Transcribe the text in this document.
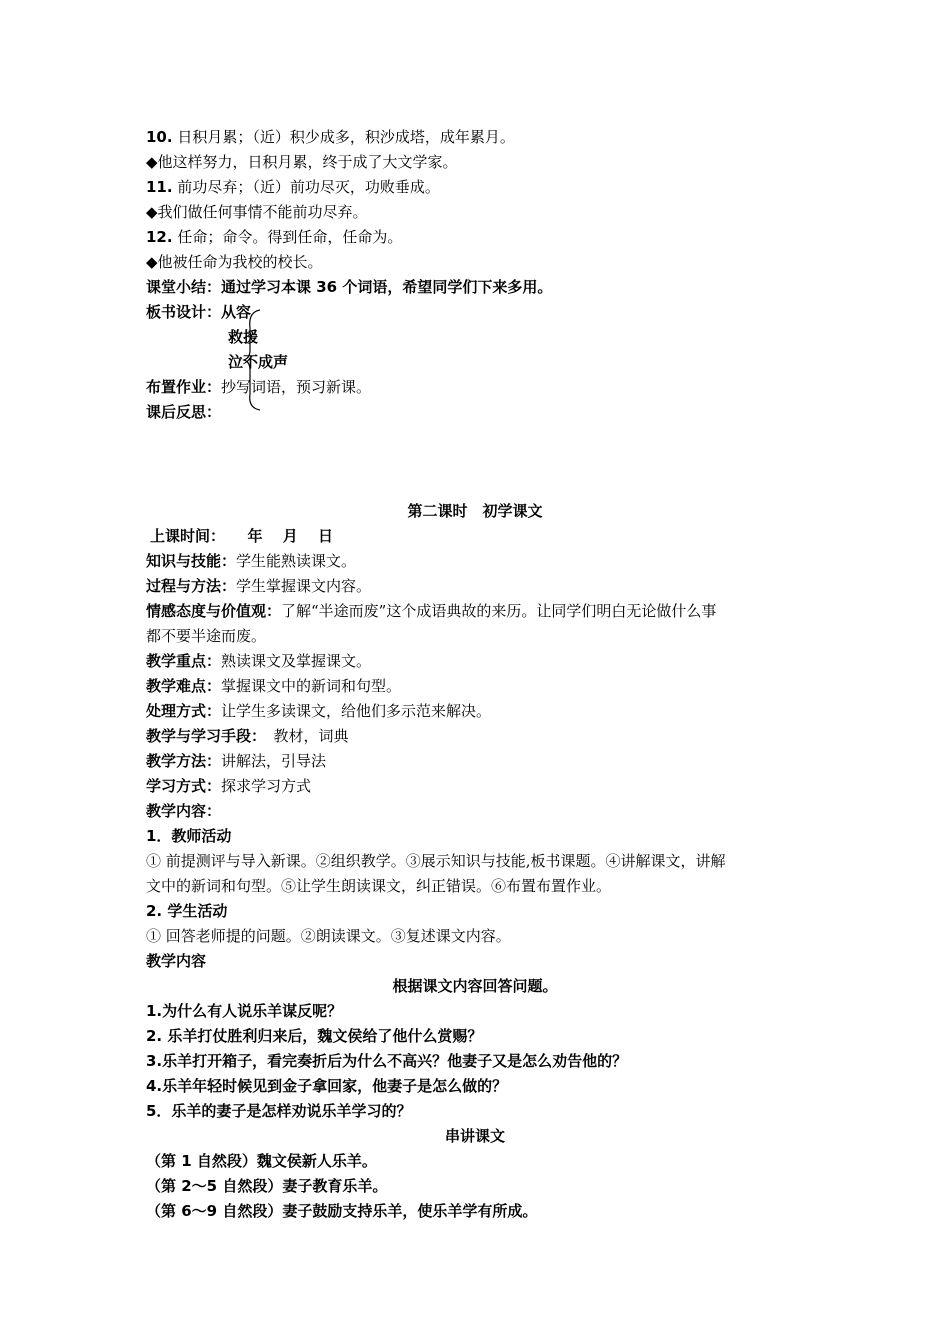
10. 日积月累；（近）积少成多，积沙成塔，成年累月。
◆他这样努力，日积月累，终于成了大文学家。
11. 前功尽弃；（近）前功尽灭，功败垂成。
◆我们做任何事情不能前功尽弃。
12. 任命；命令。得到任命，任命为。
◆他被任命为我校的校长。
课堂小结：通过学习本课 36 个词语，希望同学们下来多用。
板书设计：从容
救援
泣不成声
布置作业：抄写词语，预习新课。
课后反思：
第二课时　初学课文
上课时间：　　年　 月　 日
知识与技能：学生能熟读课文。
过程与方法：学生掌握课文内容。
情感态度与价值观：了解“半途而废”这个成语典故的来历。让同学们明白无论做什么事
都不要半途而废。
教学重点：熟读课文及掌握课文。
教学难点：掌握课文中的新词和句型。
处理方式：让学生多读课文，给他们多示范来解决。
教学与学习手段：　教材，词典
教学方法：讲解法，引导法
学习方式：探求学习方式
教学内容：
1．教师活动
① 前提测评与导入新课。②组织教学。③展示知识与技能,板书课题。④讲解课文，讲解
文中的新词和句型。⑤让学生朗读课文，纠正错误。⑥布置布置作业。
2. 学生活动
① 回答老师提的问题。②朗读课文。③复述课文内容。
教学内容
根据课文内容回答问题。
1.为什么有人说乐羊谋反呢？
2. 乐羊打仗胜利归来后，魏文侯给了他什么赏赐？
3.乐羊打开箱子，看完奏折后为什么不高兴？他妻子又是怎么劝告他的？
4.乐羊年轻时候见到金子拿回家，他妻子是怎么做的？
5．乐羊的妻子是怎样劝说乐羊学习的？
串讲课文
（第 1 自然段）魏文侯新人乐羊。
（第 2～5 自然段）妻子教育乐羊。
（第 6～9 自然段）妻子鼓励支持乐羊，使乐羊学有所成。
